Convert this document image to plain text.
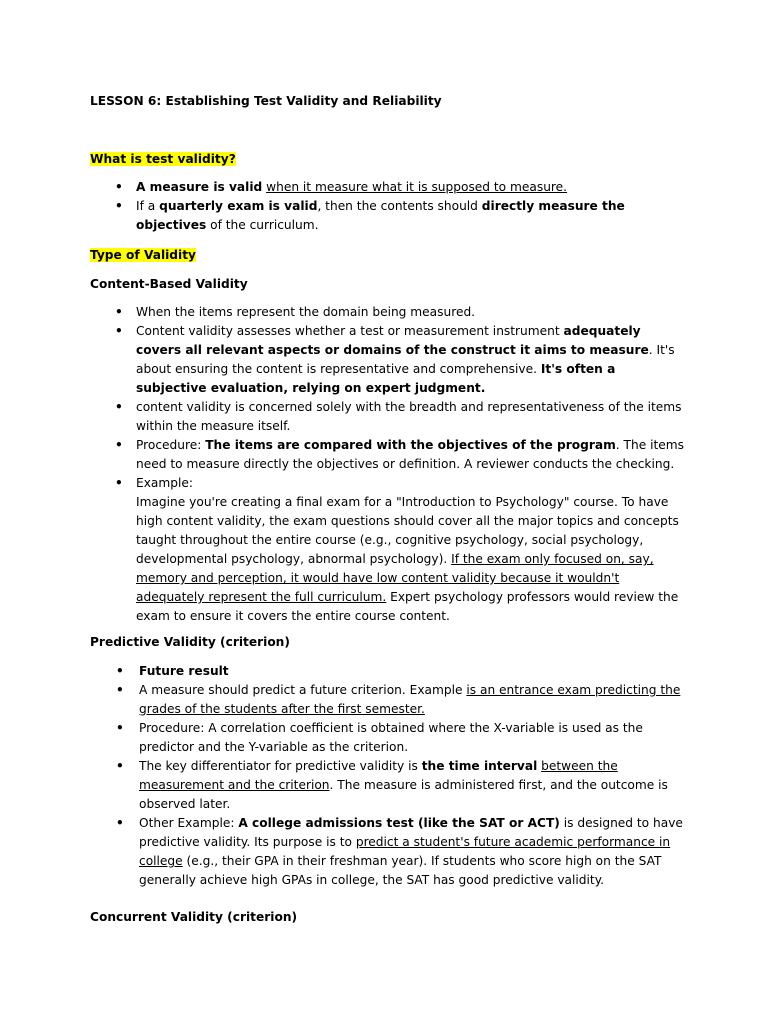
LESSON 6: Establishing Test Validity and Reliability

What is test validity?

• A measure is valid when it measure what it is supposed to measure.
• If a quarterly exam is valid, then the contents should directly measure the objectives of the curriculum.

Type of Validity

Content-Based Validity

• When the items represent the domain being measured.
• Content validity assesses whether a test or measurement instrument adequately covers all relevant aspects or domains of the construct it aims to measure. It's about ensuring the content is representative and comprehensive. It's often a subjective evaluation, relying on expert judgment.
• content validity is concerned solely with the breadth and representativeness of the items within the measure itself.
• Procedure: The items are compared with the objectives of the program. The items need to measure directly the objectives or definition. A reviewer conducts the checking.
• Example:
Imagine you're creating a final exam for a "Introduction to Psychology" course. To have high content validity, the exam questions should cover all the major topics and concepts taught throughout the entire course (e.g., cognitive psychology, social psychology, developmental psychology, abnormal psychology). If the exam only focused on, say, memory and perception, it would have low content validity because it wouldn't adequately represent the full curriculum. Expert psychology professors would review the exam to ensure it covers the entire course content.

Predictive Validity (criterion)

• Future result
• A measure should predict a future criterion. Example is an entrance exam predicting the grades of the students after the first semester.
• Procedure: A correlation coefficient is obtained where the X-variable is used as the predictor and the Y-variable as the criterion.
• The key differentiator for predictive validity is the time interval between the measurement and the criterion. The measure is administered first, and the outcome is observed later.
• Other Example: A college admissions test (like the SAT or ACT) is designed to have predictive validity. Its purpose is to predict a student's future academic performance in college (e.g., their GPA in their freshman year). If students who score high on the SAT generally achieve high GPAs in college, the SAT has good predictive validity.

Concurrent Validity (criterion)
